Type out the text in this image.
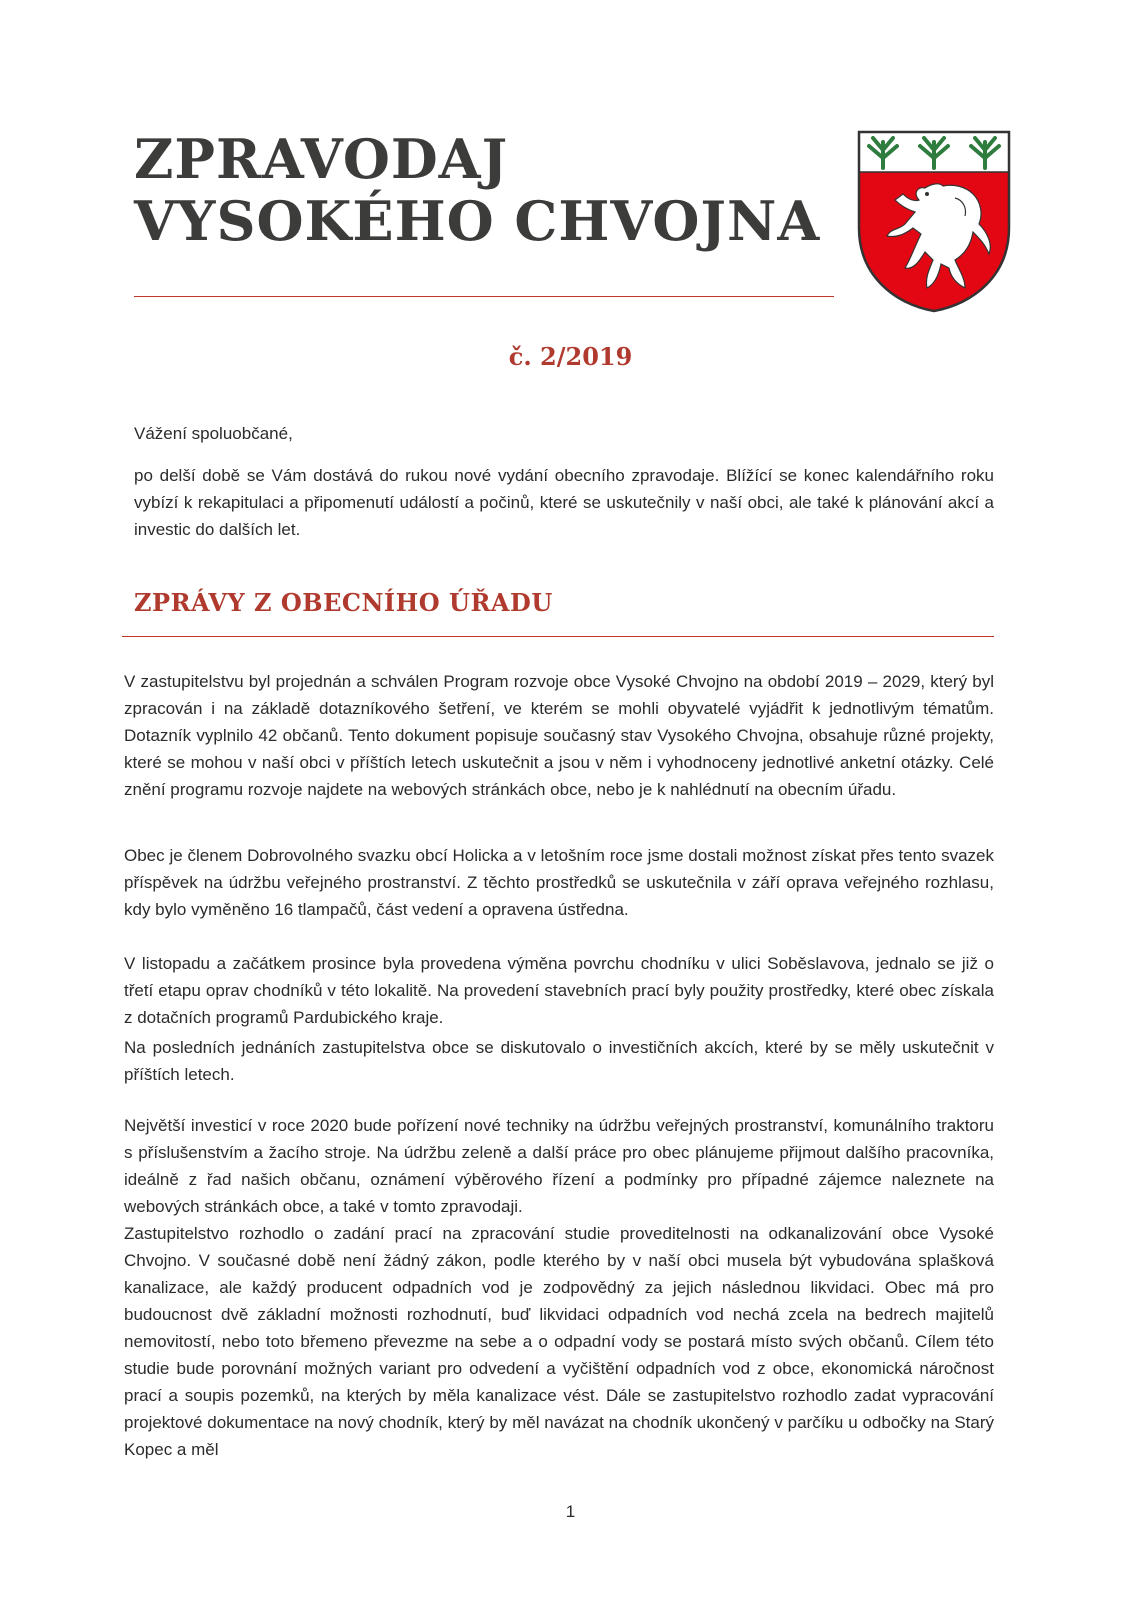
ZPRAVODAJ
VYSOKÉHO CHVOJNA
č. 2/2019
Vážení spoluobčané,
po delší době se Vám dostává do rukou nové vydání obecního zpravodaje. Blížící se konec kalendářního roku vybízí k rekapitulaci a připomenutí událostí a počinů, které se uskutečnily v naší obci, ale také k plánování akcí a investic do dalších let.
ZPRÁVY Z OBECNÍHO ÚŘADU

V zastupitelstvu byl projednán a schválen Program rozvoje obce Vysoké Chvojno na období 2019 – 2029, který byl zpracován i na základě dotazníkového šetření, ve kterém se mohli obyvatelé vyjádřit k jednotlivým tématům. Dotazník vyplnilo 42 občanů. Tento dokument popisuje současný stav Vysokého Chvojna, obsahuje různé projekty, které se mohou v naší obci v příštích letech uskutečnit a jsou v něm i vyhodnoceny jednotlivé anketní otázky. Celé znění programu rozvoje najdete na webových stránkách obce, nebo je k nahlédnutí na obecním úřadu.

Obec je členem Dobrovolného svazku obcí Holicka a v letošním roce jsme dostali možnost získat přes tento svazek příspěvek na údržbu veřejného prostranství. Z těchto prostředků se uskutečnila v září oprava veřejného rozhlasu, kdy bylo vyměněno 16 tlampačů, část vedení a opravena ústředna.

V listopadu a začátkem prosince byla provedena výměna povrchu chodníku v ulici Soběslavova, jednalo se již o třetí etapu oprav chodníků v této lokalitě. Na provedení stavebních prací byly použity prostředky, které obec získala z dotačních programů Pardubického kraje.

Na posledních jednáních zastupitelstva obce se diskutovalo o investičních akcích, které by se měly uskutečnit v příštích letech.

Největší investicí v roce 2020 bude pořízení nové techniky na údržbu veřejných prostranství, komunálního traktoru s příslušenstvím a žacího stroje. Na údržbu zeleně a další práce pro obec plánujeme přijmout dalšího pracovníka, ideálně z řad našich občanu, oznámení výběrového řízení a podmínky pro případné zájemce naleznete na webových stránkách obce, a také v tomto zpravodaji.

Zastupitelstvo rozhodlo o zadání prací na zpracování studie proveditelnosti na odkanalizování obce Vysoké Chvojno. V současné době není žádný zákon, podle kterého by v naší obci musela být vybudována splašková kanalizace, ale každý producent odpadních vod je zodpovědný za jejich následnou likvidaci. Obec má pro budoucnost dvě základní možnosti rozhodnutí, buď likvidaci odpadních vod nechá zcela na bedrech majitelů nemovitostí, nebo toto břemeno převezme na sebe a o odpadní vody se postará místo svých občanů. Cílem této studie bude porovnání možných variant pro odvedení a vyčištění odpadních vod z obce, ekonomická náročnost prací a soupis pozemků, na kterých by měla kanalizace vést. Dále se zastupitelstvo rozhodlo zadat vypracování projektové dokumentace na nový chodník, který by měl navázat na chodník ukončený v parčíku u odbočky na Starý Kopec a měl

1
